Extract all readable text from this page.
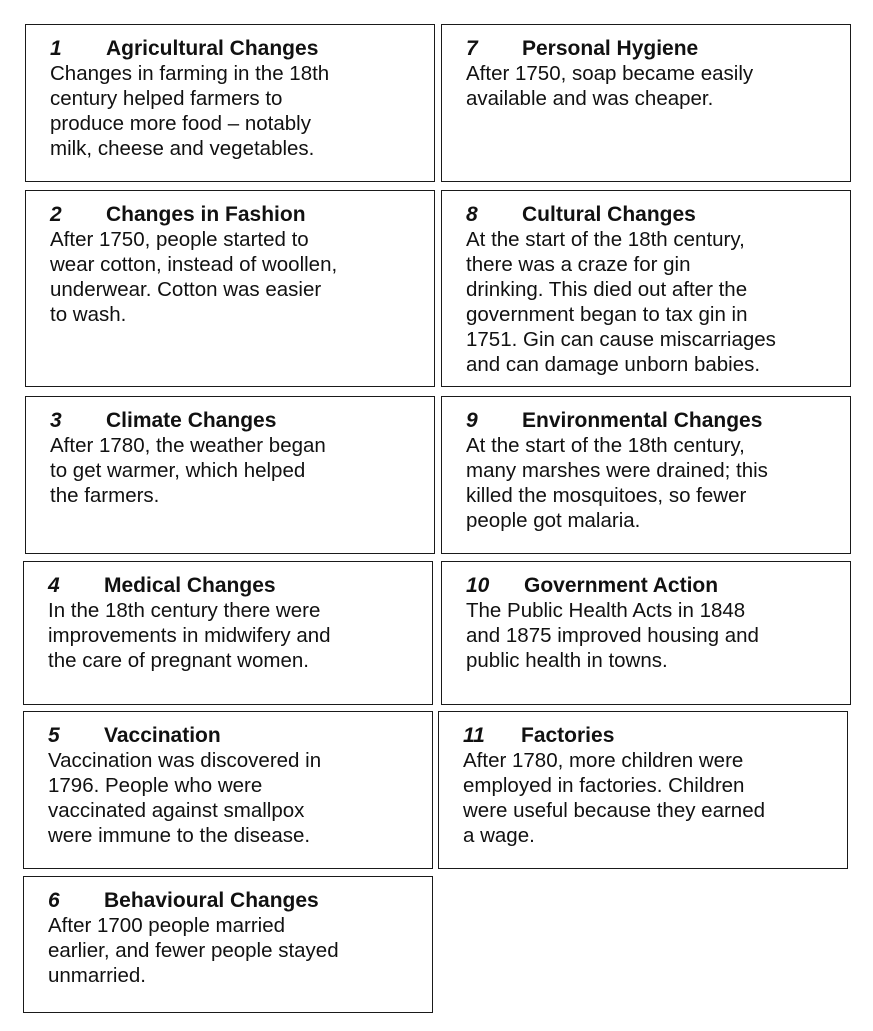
1 Agricultural Changes

Changes in farming in the 18th
century helped farmers to
produce more food – notably
milk, cheese and vegetables.

2 Changes in Fashion

After 1750, people started to
wear cotton, instead of woollen,
underwear. Cotton was easier
to wash.

3 Climate Changes

After 1780, the weather began
to get warmer, which helped
the farmers.

4 Medical Changes

In the 18th century there were
improvements in midwifery and
the care of pregnant women.

5 Vaccination

Vaccination was discovered in
1796. People who were
vaccinated against smallpox
were immune to the disease.

6 Behavioural Changes

After 1700 people married
earlier, and fewer people stayed
unmarried.

7 Personal Hygiene

After 1750, soap became easily
available and was cheaper.

8 Cultural Changes

At the start of the 18th century,
there was a craze for gin
drinking. This died out after the
government began to tax gin in
1751. Gin can cause miscarriages
and can damage unborn babies.

9 Environmental Changes

At the start of the 18th century,
many marshes were drained; this
killed the mosquitoes, so fewer
people got malaria.

10 Government Action

The Public Health Acts in 1848
and 1875 improved housing and
public health in towns.

11 Factories

After 1780, more children were
employed in factories. Children
were useful because they earned
a wage.
